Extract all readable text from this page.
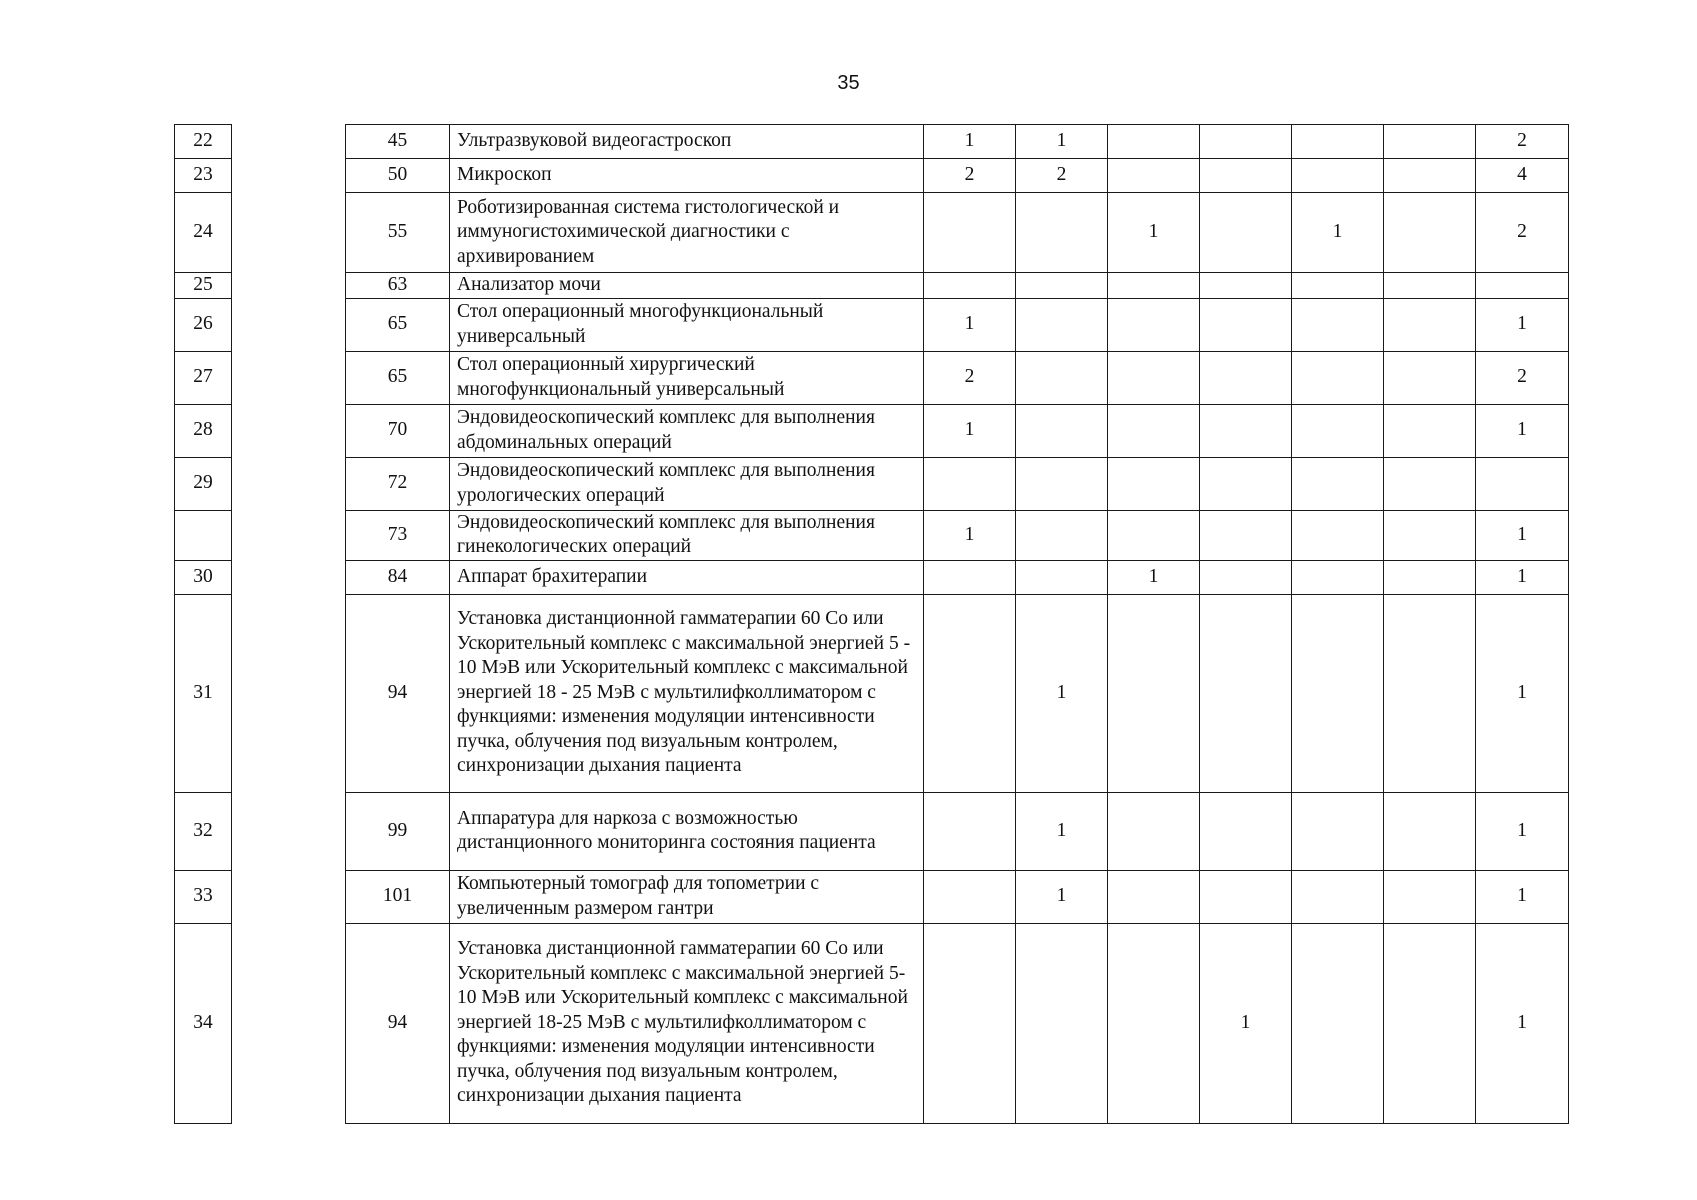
35
22		45	Ультразвуковой видеогастроскоп	1	1					2
23		50	Микроскоп	2	2					4
24		55	Роботизированная система гистологической и иммуногистохимической диагностики с архивированием			1		1		2
25		63	Анализатор мочи							
26		65	Стол операционный многофункциональный универсальный	1						1
27		65	Стол операционный хирургический многофункциональный универсальный	2						2
28		70	Эндовидеоскопический комплекс для выполнения абдоминальных операций	1						1
29		72	Эндовидеоскопический комплекс для выполнения урологических операций							
		73	Эндовидеоскопический комплекс для выполнения гинекологических операций	1						1
30		84	Аппарат брахитерапии			1				1
31		94	Установка дистанционной гамматерапии 60 Со или Ускорительный комплекс с максимальной энергией 5 - 10 МэВ или Ускорительный комплекс с максимальной энергией 18 - 25 МэВ с мультилифколлиматором с функциями: изменения модуляции интенсивности пучка, облучения под визуальным контролем, синхронизации дыхания пациента		1					1
32		99	Аппаратура для наркоза с возможностью дистанционного мониторинга состояния пациента		1					1
33		101	Компьютерный томограф для топометрии с увеличенным размером гантри		1					1
34		94	Установка дистанционной гамматерапии 60 Со или Ускорительный комплекс с максимальной энергией 5-10 МэВ или Ускорительный комплекс с максимальной энергией 18-25 МэВ с мультилифколлиматором с функциями: изменения модуляции интенсивности пучка, облучения под визуальным контролем, синхронизации дыхания пациента				1			1
